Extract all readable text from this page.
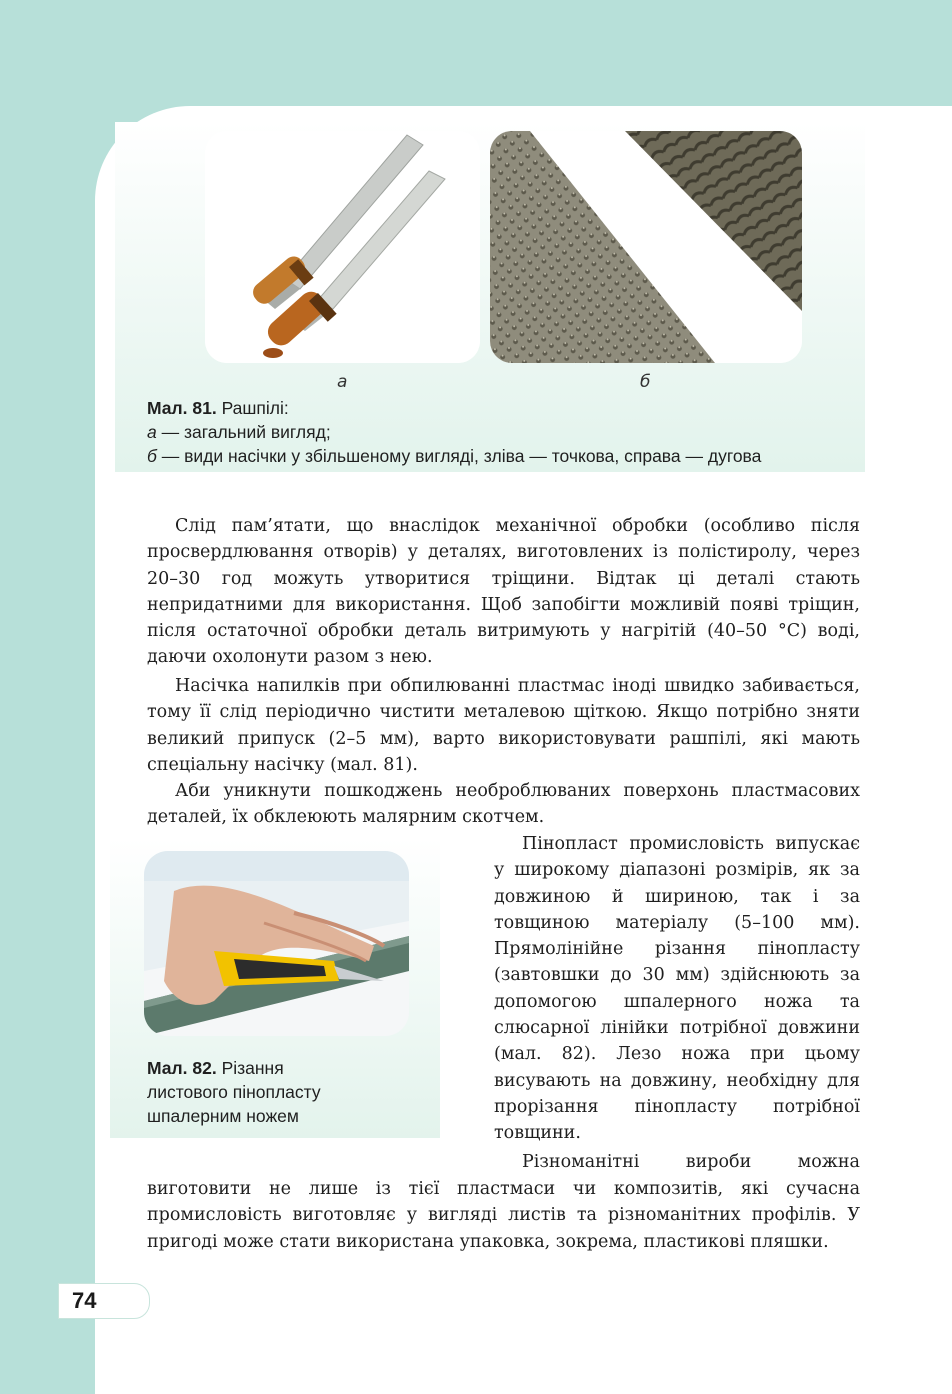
а	б
Мал. 81. Рашпілі:
а — загальний вигляд;
б — види насічки у збільшеному вигляді, зліва — точкова, справа — дугова

Слід пам’ятати, що внаслідок механічної обробки (особливо після просвердлювання отворів) у деталях, виготовлених із полістиролу, через 20–30 год можуть утворитися тріщини. Відтак ці деталі стають непридатними для використання. Щоб запобігти можливій появі тріщин, після остаточної обробки деталь витримують у нагрітій (40–50 °С) воді, даючи охолонути разом з нею.

Насічка напилків при обпилюванні пластмас іноді швидко забивається, тому її слід періодично чистити металевою щіткою. Якщо потрібно зняти великий припуск (2–5 мм), варто використовувати рашпілі, які мають спеціальну насічку (мал. 81).

Аби уникнути пошкоджень необроблюваних поверхонь пластмасових деталей, їх обклеюють малярним скотчем.

Мал. 82. Різання
листового пінопласту
шпалерним ножем

Пінопласт промисловість випускає у широкому діапазоні розмірів, як за довжиною й шириною, так і за товщиною матеріалу (5–100 мм). Прямолінійне різання пінопласту (завтовшки до 30 мм) здійснюють за допомогою шпалерного ножа та слюсарної лінійки потрібної довжини (мал. 82). Лезо ножа при цьому висувають на довжину, необхідну для прорізання пінопласту потрібної товщини.

Різноманітні вироби можна

виготовити не лише із тієї пластмаси чи композитів, які сучасна промисловість виготовляє у вигляді листів та різноманітних профілів. У пригоді може стати використана упаковка, зокрема, пластикові пляшки.

74
